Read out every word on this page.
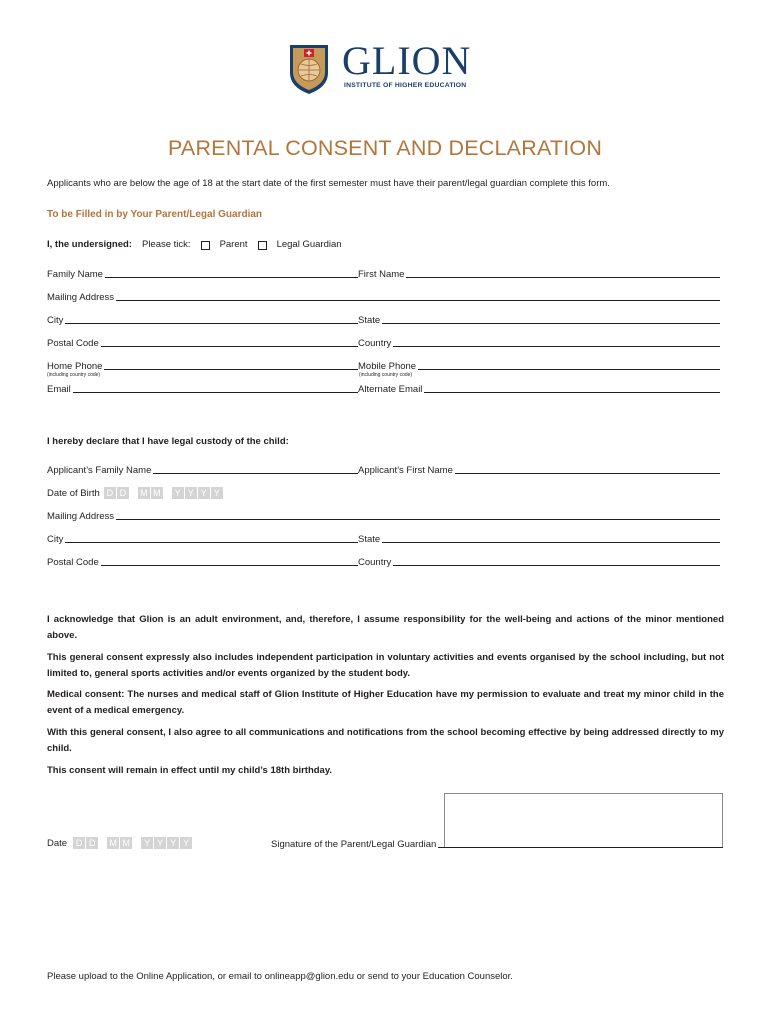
GLION
INSTITUTE OF HIGHER EDUCATION
PARENTAL CONSENT AND DECLARATION
Applicants who are below the age of 18 at the start date of the first semester must have their parent/legal guardian complete this form.
To be Filled in by Your Parent/Legal Guardian
I, the undersigned: Please tick:	Parent	Legal Guardian
Family Name	First Name
Mailing Address
City	State
Postal Code	Country
Home Phone	Mobile Phone
(including country code)	(including country code)
Email	Alternate Email
I hereby declare that I have legal custody of the child:
Applicant’s Family Name	Applicant’s First Name
Date of Birth D D	M M	Y Y Y Y
Mailing Address
City	State
Postal Code	Country
I acknowledge that Glion is an adult environment, and, therefore, I assume responsibility for the well-being and actions of the minor mentioned above.
This general consent expressly also includes independent participation in voluntary activities and events organised by the school including, but not limited to, general sports activities and/or events organized by the student body.
Medical consent: The nurses and medical staff of Glion Institute of Higher Education have my permission to evaluate and treat my minor child in the event of a medical emergency.
With this general consent, I also agree to all communications and notifications from the school becoming effective by being addressed directly to my child.
This consent will remain in effect until my child’s 18th birthday.
Date D D	M M	Y Y Y Y	Signature of the Parent/Legal Guardian
Please upload to the Online Application, or email to onlineapp@glion.edu or send to your Education Counselor.
